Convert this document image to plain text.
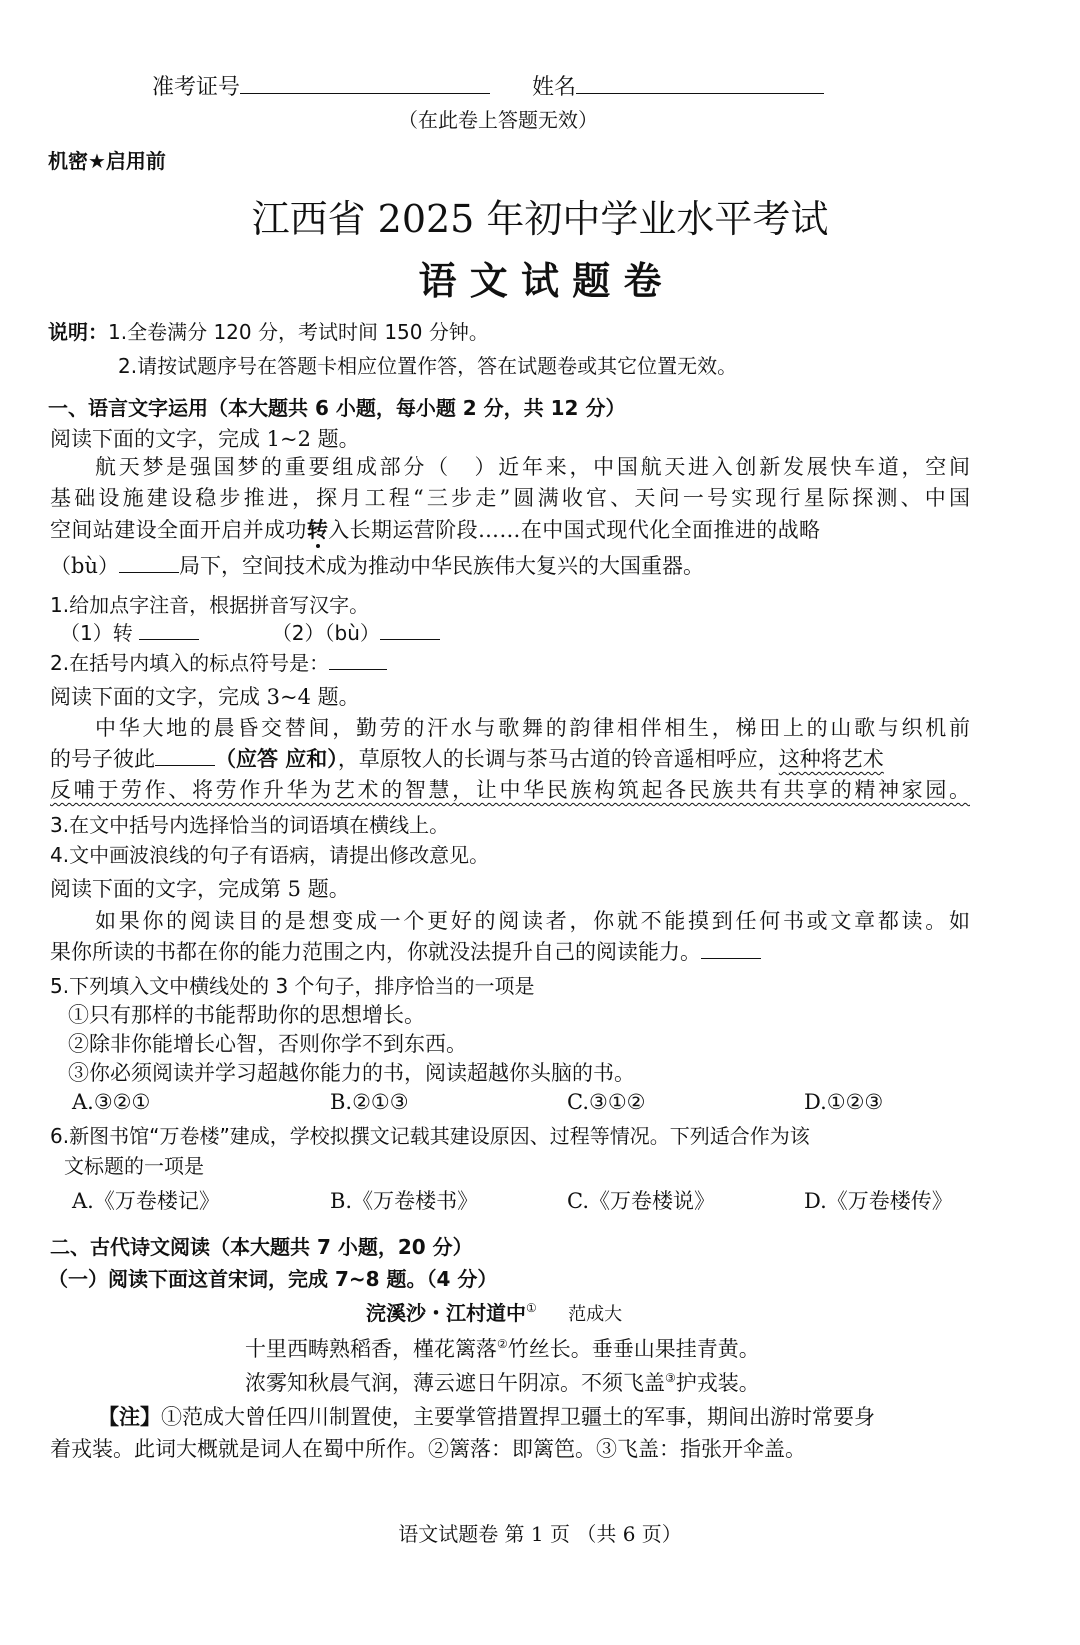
准考证号	姓名
（在此卷上答题无效）
机密★启用前
江西省 2025 年初中学业水平考试
语 文 试 题 卷
说明：1.全卷满分 120 分，考试时间 150 分钟。
2.请按试题序号在答题卡相应位置作答，答在试题卷或其它位置无效。
一、语言文字运用（本大题共 6 小题，每小题 2 分，共 12 分）
阅读下面的文字，完成 1~2 题。
航天梦是强国梦的重要组成部分（　）近年来，中国航天进入创新发展快车道，空间
基础设施建设稳步推进，探月工程“三步走”圆满收官、天问一号实现行星际探测、中国
空间站建设全面开启并成功转入长期运营阶段……在中国式现代化全面推进的战略
（bù）	局下，空间技术成为推动中华民族伟大复兴的大国重器。
1.给加点字注音，根据拼音写汉字。
（1）转	（2）（bù）
2.在括号内填入的标点符号是：
阅读下面的文字，完成 3~4 题。
中华大地的晨昏交替间，勤劳的汗水与歌舞的韵律相伴相生，梯田上的山歌与织机前
的号子彼此	（应答 应和），草原牧人的长调与茶马古道的铃音遥相呼应，这种将艺术
反哺于劳作、将劳作升华为艺术的智慧，让中华民族构筑起各民族共有共享的精神家园。
3.在文中括号内选择恰当的词语填在横线上。
4.文中画波浪线的句子有语病，请提出修改意见。
阅读下面的文字，完成第 5 题。
如果你的阅读目的是想变成一个更好的阅读者，你就不能摸到任何书或文章都读。如
果你所读的书都在你的能力范围之内，你就没法提升自己的阅读能力。
5.下列填入文中横线处的 3 个句子，排序恰当的一项是
①只有那样的书能帮助你的思想增长。
②除非你能增长心智，否则你学不到东西。
③你必须阅读并学习超越你能力的书，阅读超越你头脑的书。
A.③②①	B.②①③	C.③①②	D.①②③
6.新图书馆“万卷楼”建成，学校拟撰文记载其建设原因、过程等情况。下列适合作为该
文标题的一项是
A.《万卷楼记》	B.《万卷楼书》	C.《万卷楼说》	D.《万卷楼传》
二、古代诗文阅读（本大题共 7 小题，20 分）
（一）阅读下面这首宋词，完成 7~8 题。（4 分）
浣溪沙・江村道中① 范成大
十里西畴熟稻香，槿花篱落②竹丝长。垂垂山果挂青黄。
浓雾知秋晨气润，薄云遮日午阴凉。不须飞盖③护戎装。
【注】①范成大曾任四川制置使，主要掌管措置捍卫疆土的军事，期间出游时常要身
着戎装。此词大概就是词人在蜀中所作。②篱落：即篱笆。③飞盖：指张开伞盖。
语文试题卷 第 1 页 （共 6 页）
